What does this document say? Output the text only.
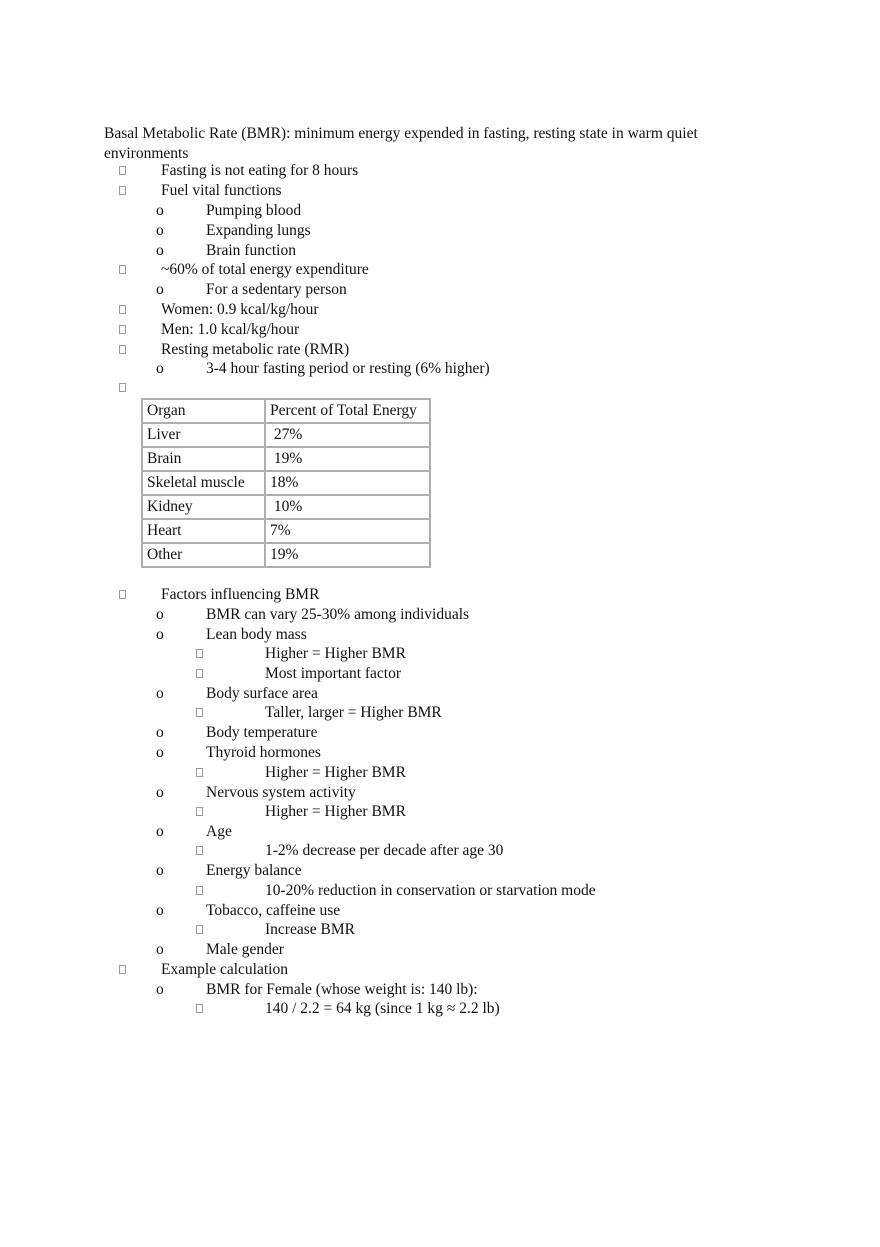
Basal Metabolic Rate (BMR): minimum energy expended in fasting, resting state in warm quiet environments
Fasting is not eating for 8 hours
Fuel vital functions
o	Pumping blood
o	Expanding lungs
o	Brain function
~60% of total energy expenditure
o	For a sedentary person
Women: 0.9 kcal/kg/hour
Men: 1.0 kcal/kg/hour
Resting metabolic rate (RMR)
o	3-4 hour fasting period or resting (6% higher)
Organ	Percent of Total Energy
Liver	27%
Brain	19%
Skeletal muscle	18%
Kidney	10%
Heart	7%
Other	19%
Factors influencing BMR
o	BMR can vary 25-30% among individuals
o	Lean body mass
Higher = Higher BMR
Most important factor
o	Body surface area
Taller, larger = Higher BMR
o	Body temperature
o	Thyroid hormones
Higher = Higher BMR
o	Nervous system activity
Higher = Higher BMR
o	Age
1-2% decrease per decade after age 30
o	Energy balance
10-20% reduction in conservation or starvation mode
o	Tobacco, caffeine use
Increase BMR
o	Male gender
Example calculation
o	BMR for Female (whose weight is: 140 lb):
140 / 2.2 = 64 kg (since 1 kg ≈ 2.2 lb)
